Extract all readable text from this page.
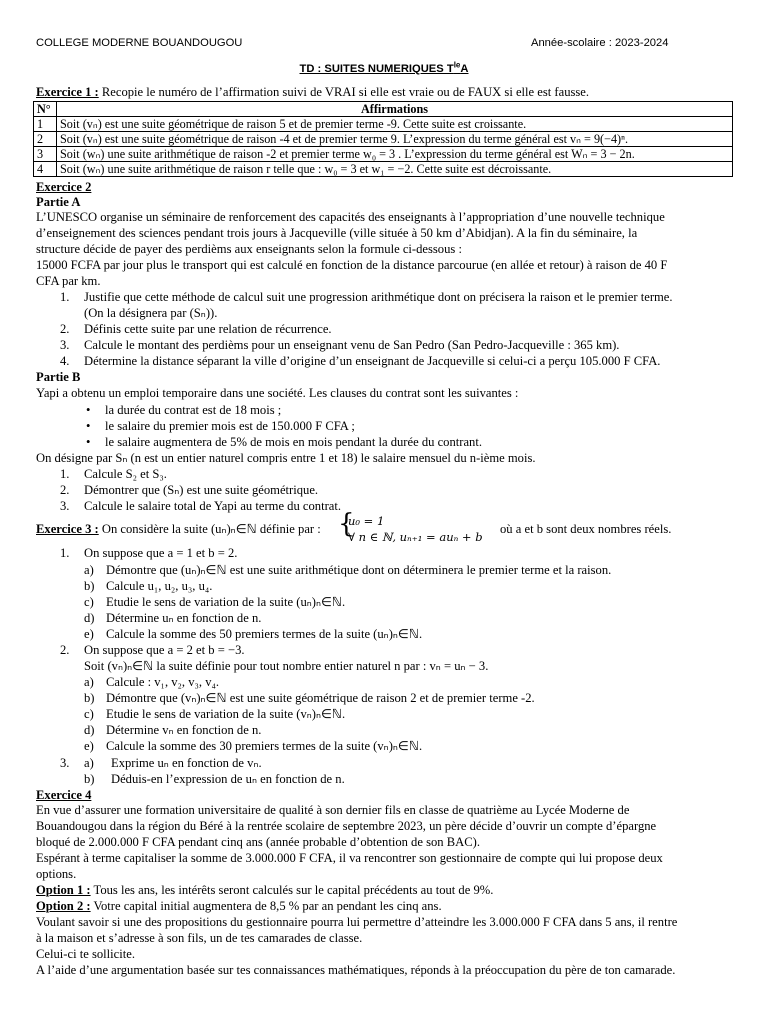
COLLEGE MODERNE BOUANDOUGOU	Année-scolaire : 2023-2024
TD : SUITES NUMERIQUES $T^{le}A$
Exercice 1 : Recopie le numéro de l’affirmation suivi de VRAI si elle est vraie ou de FAUX si elle est fausse.
N°	Affirmations
1	Soit (vₙ) est une suite géométrique de raison 5 et de premier terme -9. Cette suite est croissante.
2	Soit (vₙ) est une suite géométrique de raison -4 et de premier terme 9. L’expression du terme général est vₙ = 9(−4)ⁿ.
3	Soit (wₙ) une suite arithmétique de raison -2 et premier terme w₀ = 3 . L’expression du terme général est Wₙ = 3 − 2n.
4	Soit (wₙ) une suite arithmétique de raison r telle que : w₀ = 3 et w₁ = −2. Cette suite est décroissante.
Exercice 2
Partie A
L’UNESCO organise un séminaire de renforcement des capacités des enseignants à l’appropriation d’une nouvelle technique
d’enseignement des sciences pendant trois jours à Jacqueville (ville située à 50 km d’Abidjan). A la fin du séminaire, la
structure décide de payer des perdièms aux enseignants selon la formule ci-dessous :
15000 FCFA par jour plus le transport qui est calculé en fonction de la distance parcourue (en allée et retour) à raison de 40 F
CFA par km.
1. Justifie que cette méthode de calcul suit une progression arithmétique dont on précisera la raison et le premier terme.
(On la désignera par (Sₙ)).
2. Définis cette suite par une relation de récurrence.
3. Calcule le montant des perdièms pour un enseignant venu de San Pedro (San Pedro-Jacqueville : 365 km).
4. Détermine la distance séparant la ville d’origine d’un enseignant de Jacqueville si celui-ci a perçu 105.000 F CFA.
Partie B
Yapi a obtenu un emploi temporaire dans une société. Les clauses du contrat sont les suivantes :
• la durée du contrat est de 18 mois ;
• le salaire du premier mois est de 150.000 F CFA ;
• le salaire augmentera de 5% de mois en mois pendant la durée du contrant.
On désigne par Sₙ (n est un entier naturel compris entre 1 et 18) le salaire mensuel du n-ième mois.
1. Calcule S₂ et S₃.
2. Démontrer que (Sₙ) est une suite géométrique.
3. Calcule le salaire total de Yapi au terme du contrat.
Exercice 3 : On considère la suite (uₙ)ₙ∈ℕ définie par : {
u₀ = 1
∀ n ∈ ℕ, uₙ₊₁ = auₙ + b
où a et b sont deux nombres réels.
1. On suppose que a = 1 et b = 2.
a) Démontre que (uₙ)ₙ∈ℕ est une suite arithmétique dont on déterminera le premier terme et la raison.
b) Calcule u₁, u₂, u₃, u₄.
c) Etudie le sens de variation de la suite (uₙ)ₙ∈ℕ.
d) Détermine uₙ en fonction de n.
e) Calcule la somme des 50 premiers termes de la suite (uₙ)ₙ∈ℕ.
2. On suppose que a = 2 et b = −3.
Soit (vₙ)ₙ∈ℕ la suite définie pour tout nombre entier naturel n par : vₙ = uₙ − 3.
a) Calcule : v₁, v₂, v₃, v₄.
b) Démontre que (vₙ)ₙ∈ℕ est une suite géométrique de raison 2 et de premier terme -2.
c) Etudie le sens de variation de la suite (vₙ)ₙ∈ℕ.
d) Détermine vₙ en fonction de n.
e) Calcule la somme des 30 premiers termes de la suite (vₙ)ₙ∈ℕ.
3. a) Exprime uₙ en fonction de vₙ.
b) Déduis-en l’expression de uₙ en fonction de n.
Exercice 4
En vue d’assurer une formation universitaire de qualité à son dernier fils en classe de quatrième au Lycée Moderne de
Bouandougou dans la région du Béré à la rentrée scolaire de septembre 2023, un père décide d’ouvrir un compte d’épargne
bloqué de 2.000.000 F CFA pendant cinq ans (année probable d’obtention de son BAC).
Espérant à terme capitaliser la somme de 3.000.000 F CFA, il va rencontrer son gestionnaire de compte qui lui propose deux
options.
Option 1 : Tous les ans, les intérêts seront calculés sur le capital précédents au tout de 9%.
Option 2 : Votre capital initial augmentera de 8,5 % par an pendant les cinq ans.
Voulant savoir si une des propositions du gestionnaire pourra lui permettre d’atteindre les 3.000.000 F CFA dans 5 ans, il rentre
à la maison et s’adresse à son fils, un de tes camarades de classe.
Celui-ci te sollicite.
A l’aide d’une argumentation basée sur tes connaissances mathématiques, réponds à la préoccupation du père de ton camarade.
